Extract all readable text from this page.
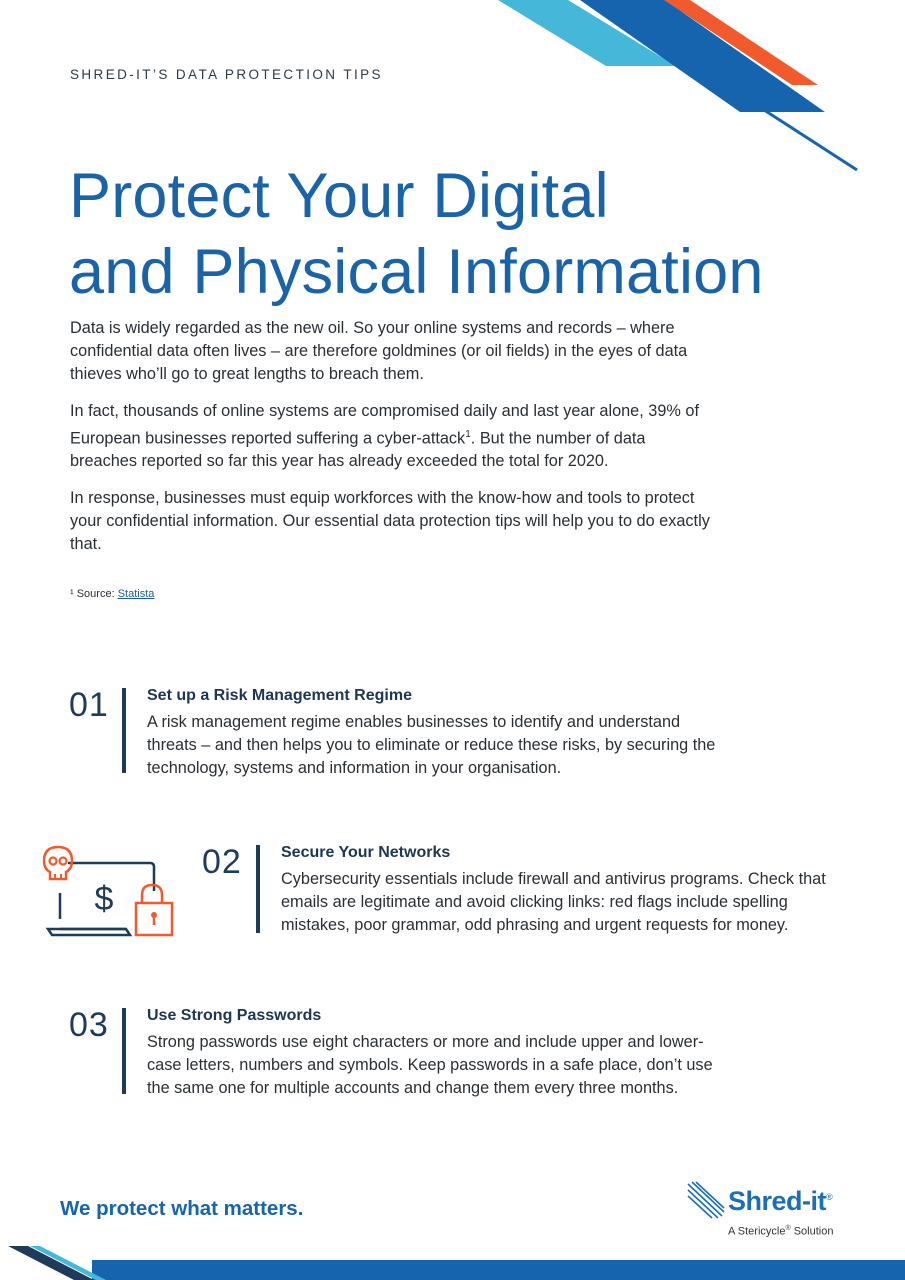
SHRED-IT’S DATA PROTECTION TIPS
Protect Your Digital
and Physical Information

Data is widely regarded as the new oil. So your online systems and records – where confidential data often lives – are therefore goldmines (or oil fields) in the eyes of data thieves who’ll go to great lengths to breach them.

In fact, thousands of online systems are compromised daily and last year alone, 39% of European businesses reported suffering a cyber-attack$^1$. But the number of data breaches reported so far this year has already exceeded the total for 2020.

In response, businesses must equip workforces with the know-how and tools to protect your confidential information. Our essential data protection tips will help you to do exactly that.

¹ Source: Statista
01 Set up a Risk Management Regime
A risk management regime enables businesses to identify and understand threats – and then helps you to eliminate or reduce these risks, by securing the technology, systems and information in your organisation.
$
02 Secure Your Networks
Cybersecurity essentials include firewall and antivirus programs. Check that emails are legitimate and avoid clicking links: red flags include spelling mistakes, poor grammar, odd phrasing and urgent requests for money.
03 Use Strong Passwords
Strong passwords use eight characters or more and include upper and lower-case letters, numbers and symbols. Keep passwords in a safe place, don’t use the same one for multiple accounts and change them every three months.
We protect what matters.	Shred-it®
A Stericycle® Solution
